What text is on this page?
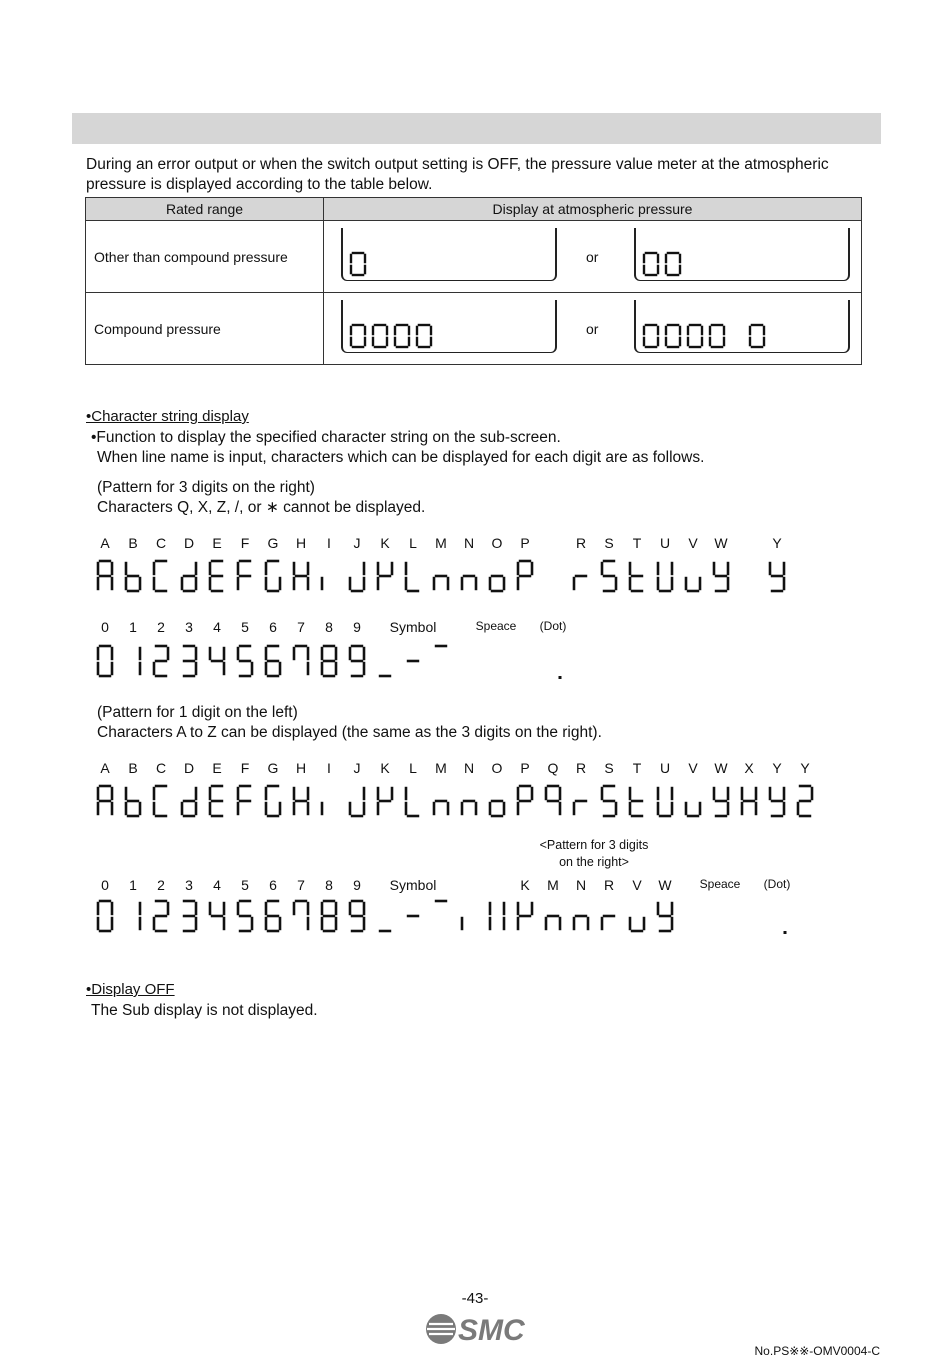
During an error output or when the switch output setting is OFF, the pressure value meter at the atmospheric
pressure is displayed according to the table below.
Rated range	Display at atmospheric pressure
Other than compound pressure	or

Compound pressure	or
•Character string display
•Function to display the specified character string on the sub-screen.
When line name is input, characters which can be displayed for each digit are as follows.
(Pattern for 3 digits on the right)
Characters Q, X, Z, /, or ∗ cannot be displayed.
A B C D E F G H I J K L M N O P	R S T U V W	Y
0 1 2 3 4 5 6 7 8 9 Symbol	Speace (Dot)
(Pattern for 1 digit on the left)
Characters A to Z can be displayed (the same as the 3 digits on the right).
A B C D E F G H I J K L M N O P Q R S T U V W X Y Y
<Pattern for 3 digits
on the right>
0 1 2 3 4 5 6 7 8 9 Symbol	K M N R V W Speace (Dot)
•Display OFF
The Sub display is not displayed.
-43-
SMC
No.PS※※-OMV0004-C
